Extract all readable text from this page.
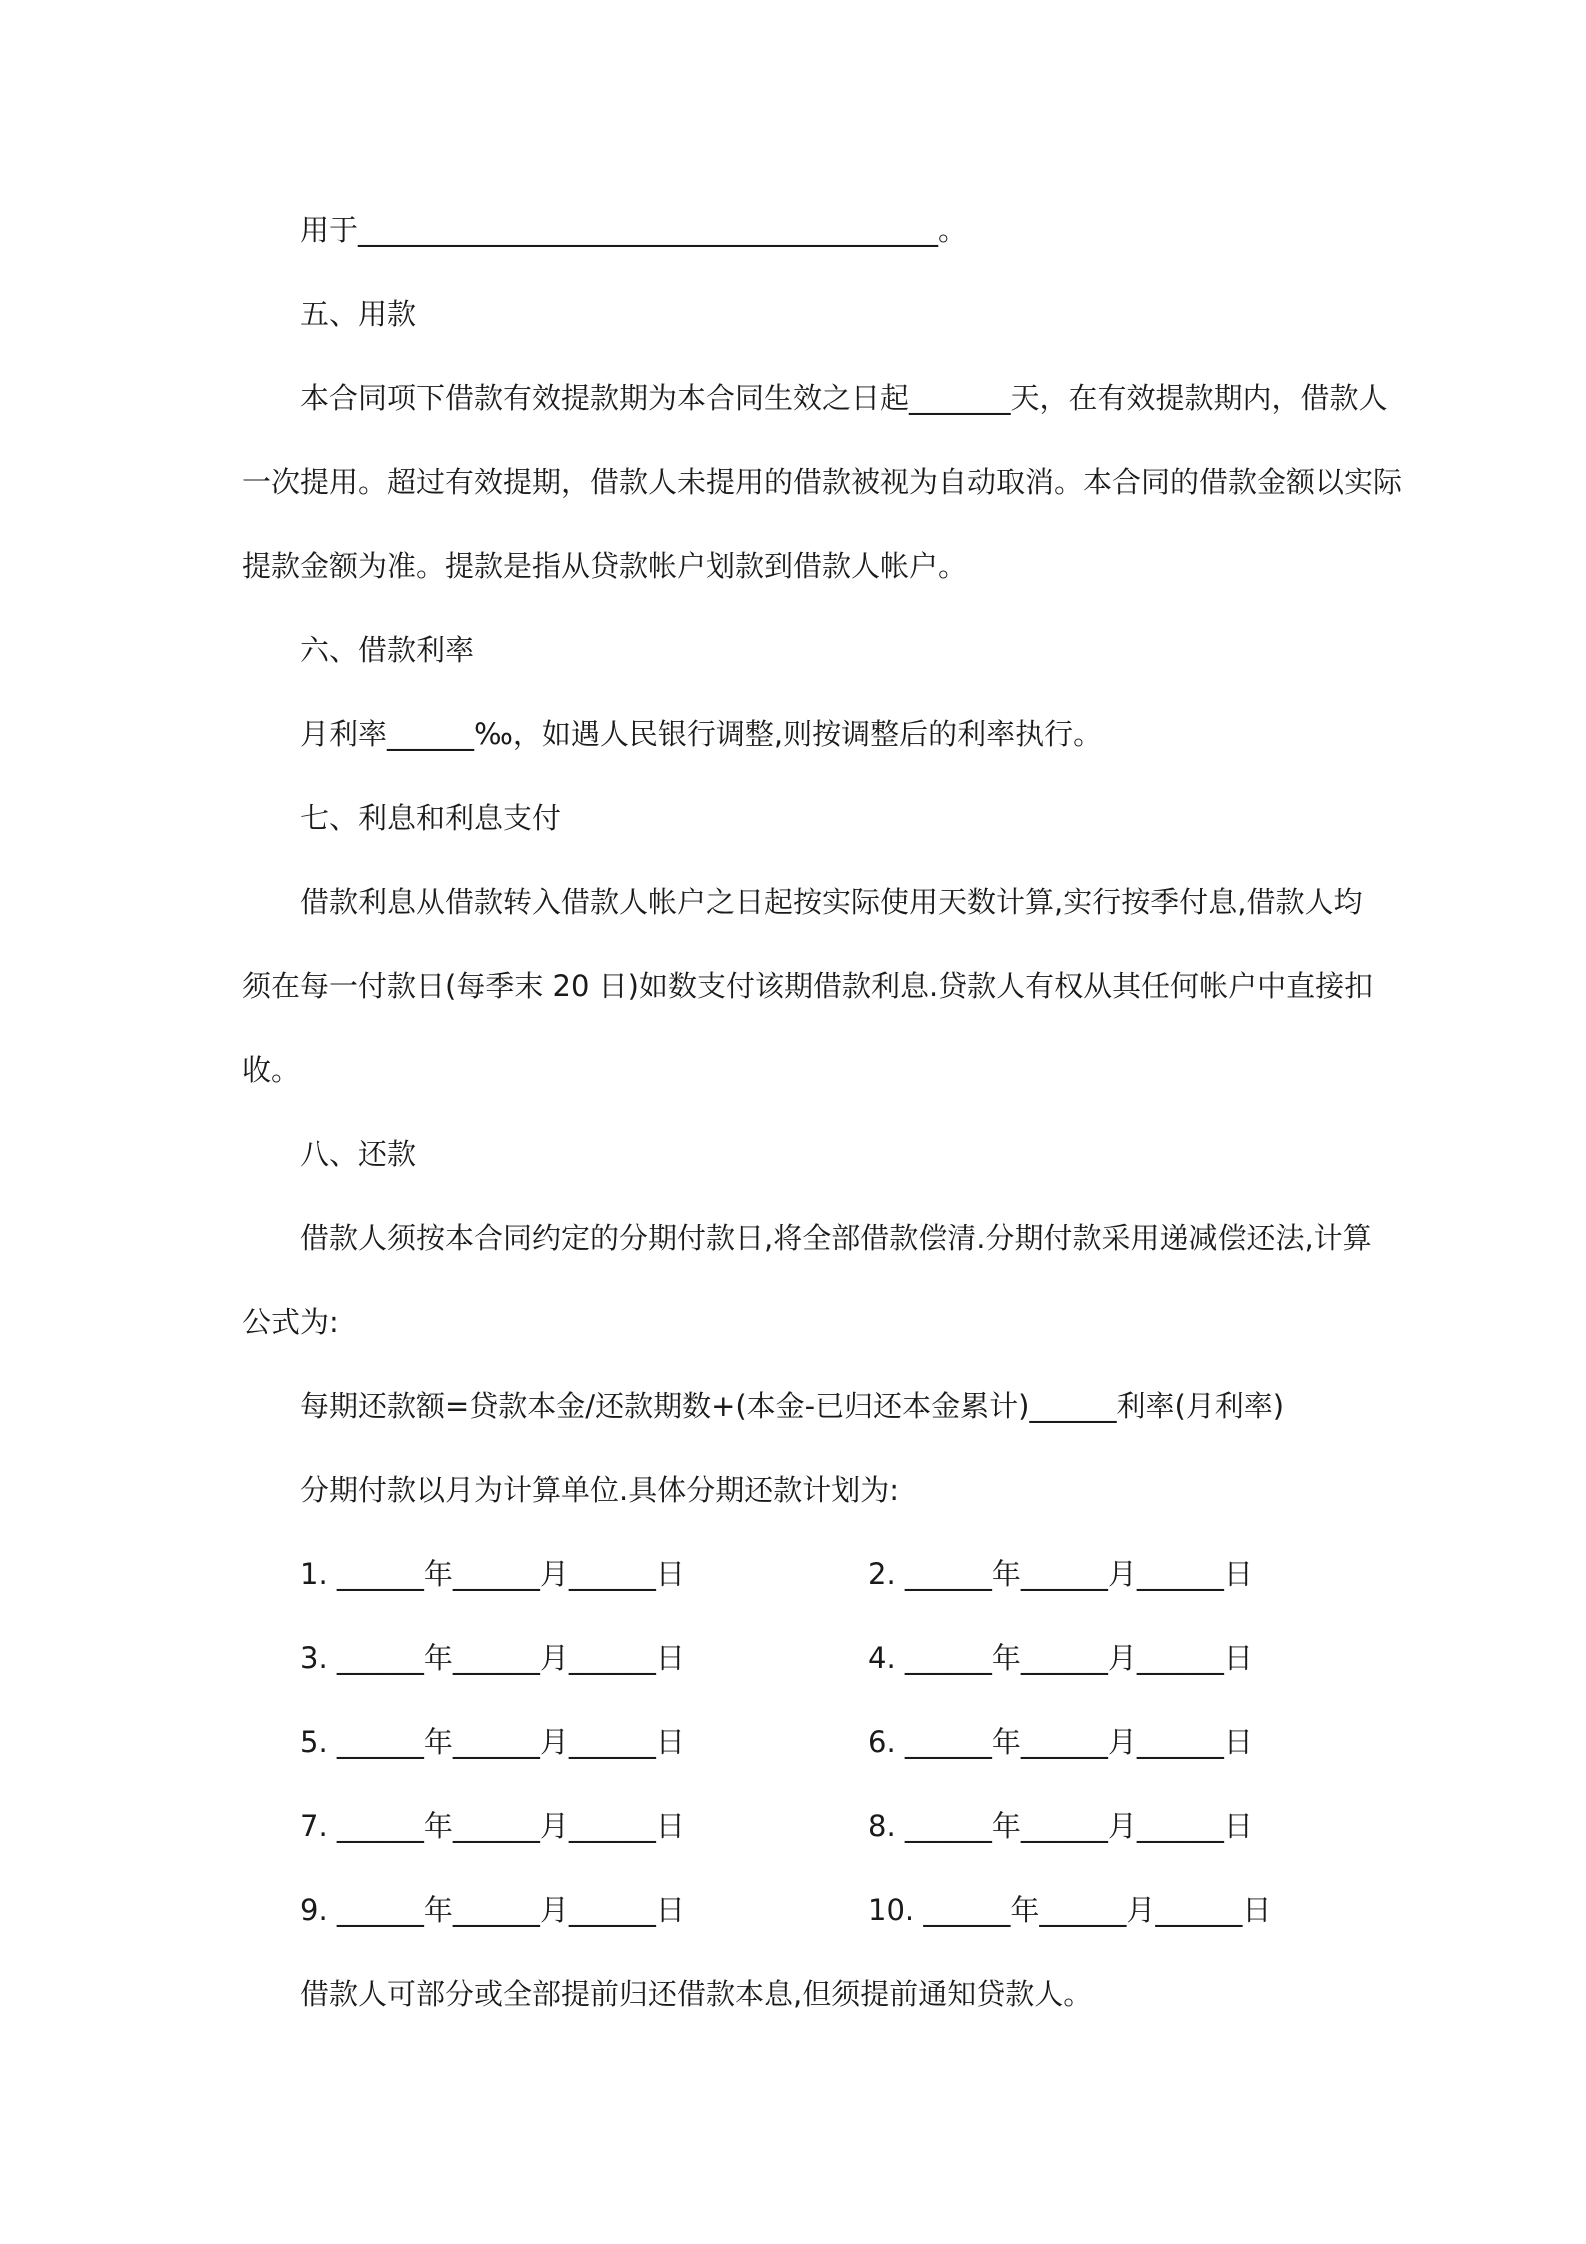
用于________________________________________。
五、用款
本合同项下借款有效提款期为本合同生效之日起_______天，在有效提款期内，借款人
一次提用。超过有效提期，借款人未提用的借款被视为自动取消。本合同的借款金额以实际
提款金额为准。提款是指从贷款帐户划款到借款人帐户。
六、借款利率
月利率______‰，如遇人民银行调整,则按调整后的利率执行。
七、利息和利息支付
借款利息从借款转入借款人帐户之日起按实际使用天数计算,实行按季付息,借款人均
须在每一付款日(每季末 20 日)如数支付该期借款利息.贷款人有权从其任何帐户中直接扣
收。
八、还款
借款人须按本合同约定的分期付款日,将全部借款偿清.分期付款采用递减偿还法,计算
公式为:
每期还款额=贷款本金/还款期数+(本金-已归还本金累计)______利率(月利率)
分期付款以月为计算单位.具体分期还款计划为:
1. ______年______月______日	2. ______年______月______日
3. ______年______月______日	4. ______年______月______日
5. ______年______月______日	6. ______年______月______日
7. ______年______月______日	8. ______年______月______日
9. ______年______月______日	10. ______年______月______日
借款人可部分或全部提前归还借款本息,但须提前通知贷款人。
